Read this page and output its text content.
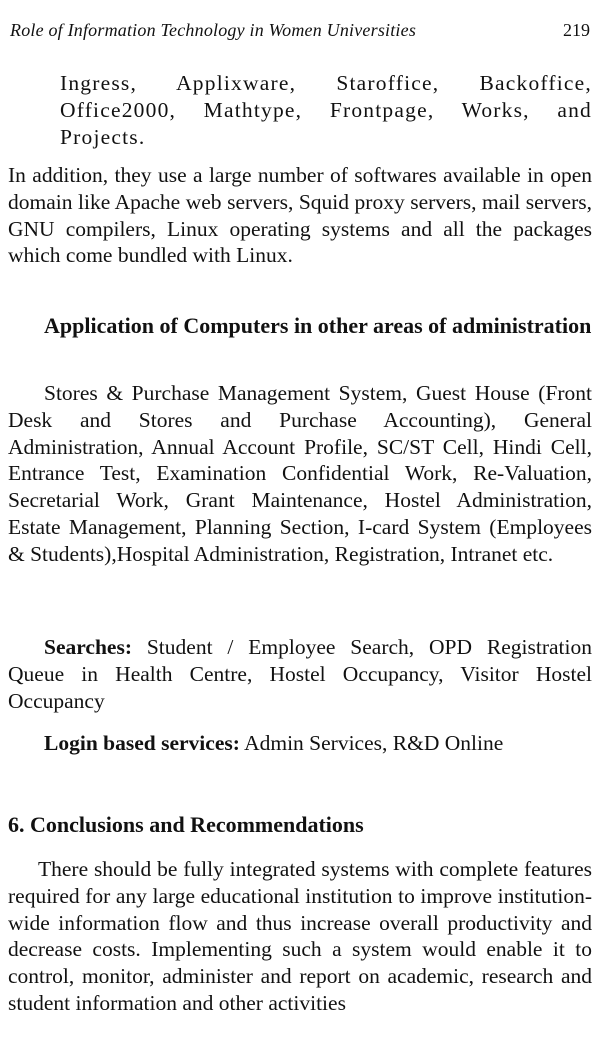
Role of Information Technology in Women Universities	219

Ingress, Applixware, Staroffice, Backoffice, Office2000, Mathtype, Frontpage, Works, and Projects.

In addition, they use a large number of softwares available in open domain like Apache web servers, Squid proxy servers, mail servers, GNU compilers, Linux operating systems and all the packages which come bundled with Linux.

Application of Computers in other areas of administration

Stores & Purchase Management System, Guest House (Front Desk and Stores and Purchase Accounting), General Administration, Annual Account Profile, SC/ST Cell, Hindi Cell, Entrance Test, Examination Confidential Work, Re-Valuation, Secretarial Work, Grant Maintenance, Hostel Administration, Estate Management, Planning Section, I-card System (Employees & Students),Hospital Administration, Registration, Intranet etc.

Searches: Student / Employee Search, OPD Registration Queue in Health Centre, Hostel Occupancy, Visitor Hostel Occupancy

Login based services: Admin Services, R&D Online

6. Conclusions and Recommendations

There should be fully integrated systems with complete features required for any large educational institution to improve institution-wide information flow and thus increase overall productivity and decrease costs. Implementing such a system would enable it to control, monitor, administer and report on academic, research and student information and other activities
